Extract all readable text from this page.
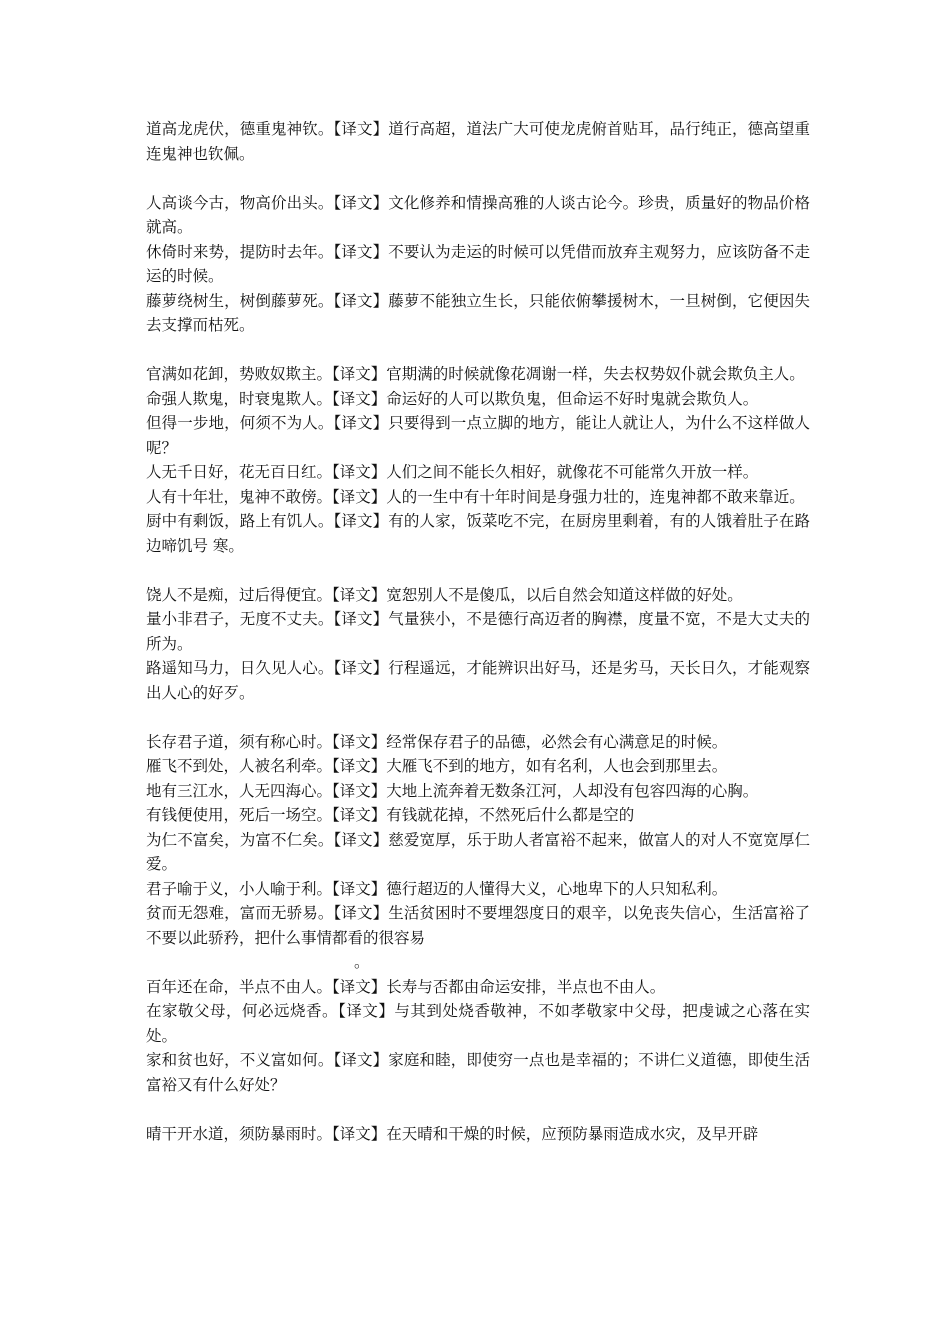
道高龙虎伏，德重鬼神钦。【译文】道行高超，道法广大可使龙虎俯首贴耳，品行纯正，德高望重连鬼神也钦佩。

人高谈今古，物高价出头。【译文】文化修养和情操高雅的人谈古论今。珍贵，质量好的物品价格就高。

休倚时来势，提防时去年。【译文】不要认为走运的时候可以凭借而放弃主观努力，应该防备不走运的时候。

藤萝绕树生，树倒藤萝死。【译文】藤萝不能独立生长，只能依俯攀援树木，一旦树倒，它便因失去支撑而枯死。

官满如花卸，势败奴欺主。【译文】官期满的时候就像花凋谢一样，失去权势奴仆就会欺负主人。

命强人欺鬼，时衰鬼欺人。【译文】命运好的人可以欺负鬼，但命运不好时鬼就会欺负人。

但得一步地，何须不为人。【译文】只要得到一点立脚的地方，能让人就让人，为什么不这样做人呢？

人无千日好，花无百日红。【译文】人们之间不能长久相好，就像花不可能常久开放一样。

人有十年壮，鬼神不敢傍。【译文】人的一生中有十年时间是身强力壮的，连鬼神都不敢来靠近。

厨中有剩饭，路上有饥人。【译文】有的人家，饭菜吃不完，在厨房里剩着，有的人饿着肚子在路边啼饥号 寒。

饶人不是痴，过后得便宜。【译文】宽恕别人不是傻瓜，以后自然会知道这样做的好处。

量小非君子，无度不丈夫。【译文】气量狭小，不是德行高迈者的胸襟，度量不宽，不是大丈夫的所为。

路遥知马力，日久见人心。【译文】行程遥远，才能辨识出好马，还是劣马，天长日久，才能观察出人心的好歹。

长存君子道，须有称心时。【译文】经常保存君子的品德，必然会有心满意足的时候。

雁飞不到处，人被名利牵。【译文】大雁飞不到的地方，如有名利，人也会到那里去。

地有三江水，人无四海心。【译文】大地上流奔着无数条江河，人却没有包容四海的心胸。

有钱便使用，死后一场空。【译文】有钱就花掉，不然死后什么都是空的

为仁不富矣，为富不仁矣。【译文】慈爱宽厚，乐于助人者富裕不起来，做富人的对人不宽宽厚仁爱。

君子喻于义，小人喻于利。【译文】德行超迈的人懂得大义，心地卑下的人只知私利。

贫而无怨难，富而无骄易。【译文】生活贫困时不要埋怨度日的艰辛，以免丧失信心，生活富裕了不要以此骄矜，把什么事情都看的很容易

。

百年还在命，半点不由人。【译文】长寿与否都由命运安排，半点也不由人。

在家敬父母，何必远烧香。【译文】与其到处烧香敬神，不如孝敬家中父母，把虔诚之心落在实处。

家和贫也好，不义富如何。【译文】家庭和睦，即使穷一点也是幸福的；不讲仁义道德，即使生活富裕又有什么好处？

晴干开水道，须防暴雨时。【译文】在天晴和干燥的时候，应预防暴雨造成水灾，及早开辟
